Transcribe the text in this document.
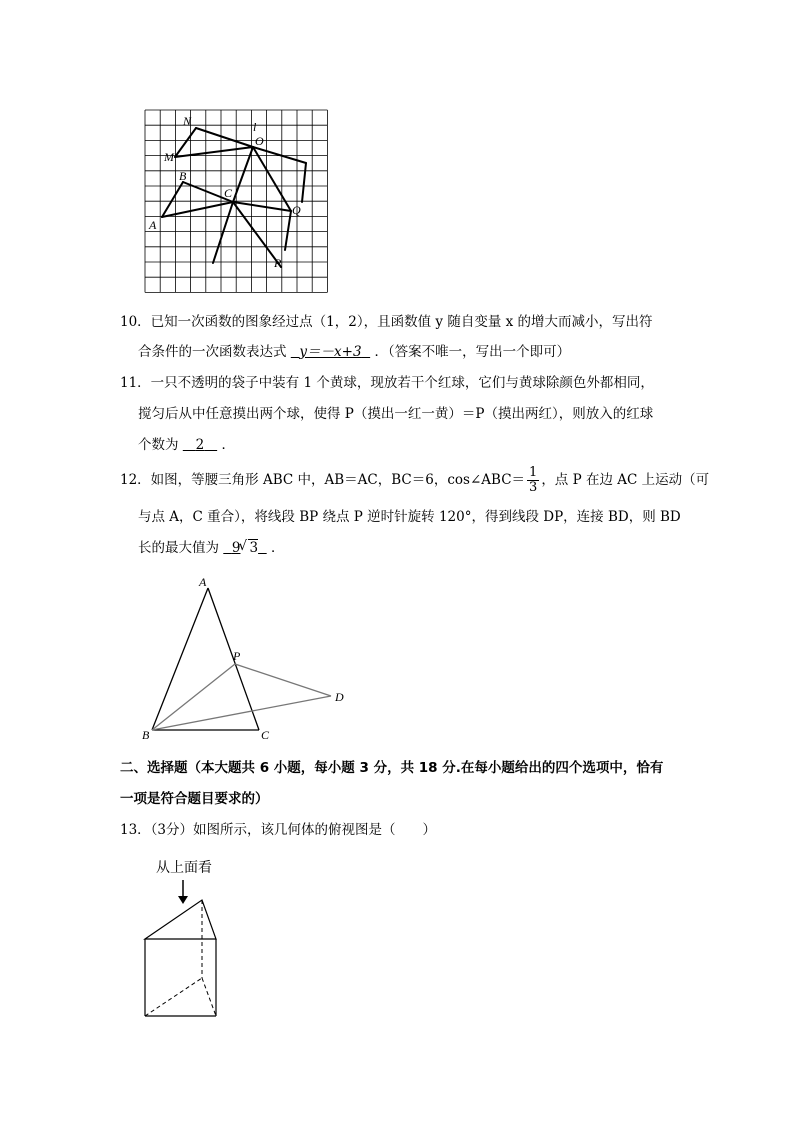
N
M
B
A
C
O
l
Q
P
10．已知一次函数的图象经过点（1，2），且函数值 y 随自变量 x 的增大而减小，写出符
合条件的一次函数表达式 y＝－x+3 ．（答案不唯一，写出一个即可）
11．一只不透明的袋子中装有 1 个黄球，现放若干个红球，它们与黄球除颜色外都相同，
搅匀后从中任意摸出两个球，使得 P（摸出一红一黄）＝P（摸出两红），则放入的红球
个数为 2 ．
12．如图，等腰三角形 ABC 中，AB＝AC，BC＝6，cos∠ABC＝ $\frac{1}{3}$ ，点 P 在边 AC 上运动（可
与点 A，C 重合），将线段 BP 绕点 P 逆时针旋转 120°，得到线段 DP，连接 BD，则 BD
长的最大值为 9√ 3 ．
A
P
D
B	C
二、选择题（本大题共 6 小题，每小题 3 分，共 18 分.在每小题给出的四个选项中，恰有
一项是符合题目要求的）
13．（3分）如图所示，该几何体的俯视图是（　　）
从上面看
